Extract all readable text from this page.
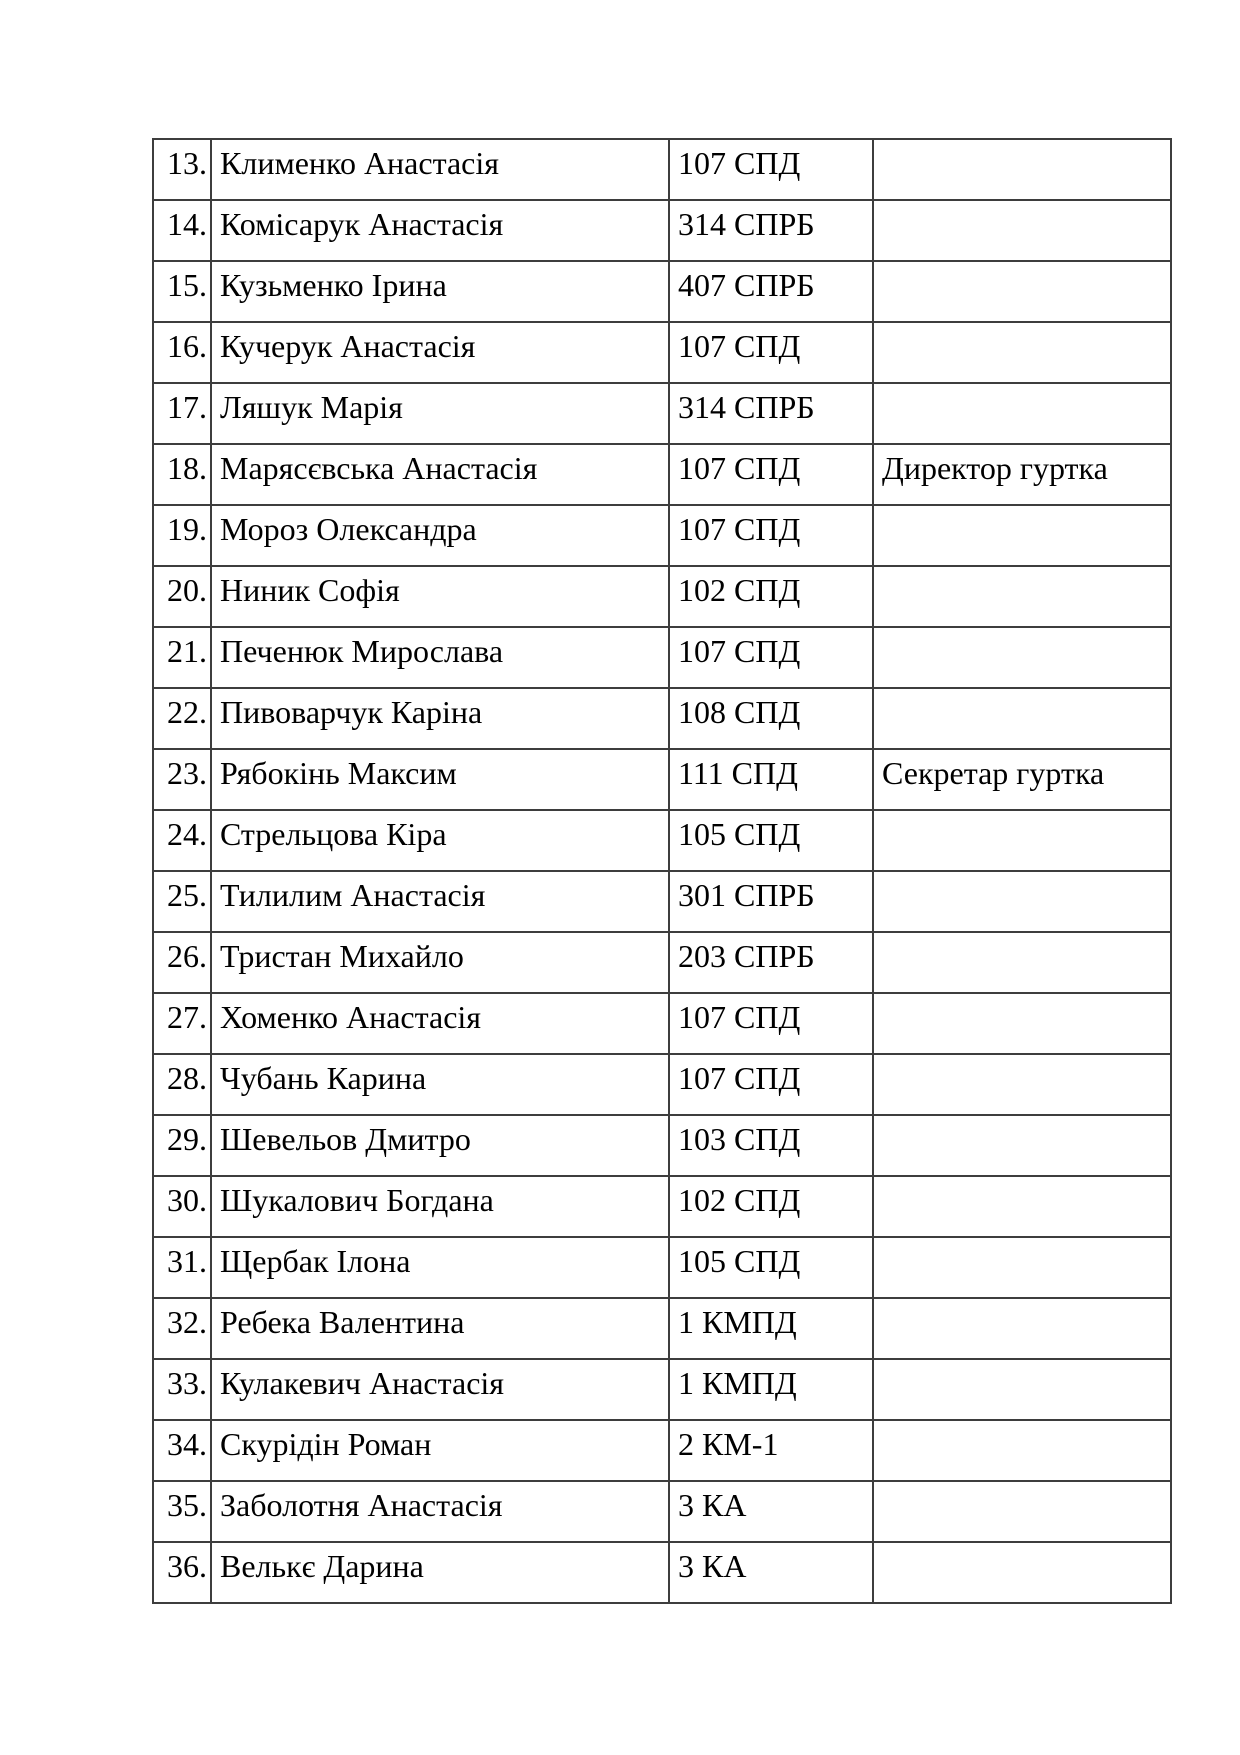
13.	Клименко Анастасія	107 СПД	
14.	Комісарук Анастасія	314 СПРБ	
15.	Кузьменко Ірина	407 СПРБ	
16.	Кучерук Анастасія	107 СПД	
17.	Ляшук Марія	314 СПРБ	
18.	Марясєвська Анастасія	107 СПД	Директор гуртка
19.	Мороз Олександра	107 СПД	
20.	Ниник Софія	102 СПД	
21.	Печенюк Мирослава	107 СПД	
22.	Пивоварчук Каріна	108 СПД	
23.	Рябокінь Максим	111 СПД	Секретар гуртка
24.	Стрельцова Кіра	105 СПД	
25.	Тилилим Анастасія	301 СПРБ	
26.	Тристан Михайло	203 СПРБ	
27.	Хоменко Анастасія	107 СПД	
28.	Чубань Карина	107 СПД	
29.	Шевельов Дмитро	103 СПД	
30.	Шукалович Богдана	102 СПД	
31.	Щербак Ілона	105 СПД	
32.	Ребека Валентина	1 КМПД	
33.	Кулакевич Анастасія	1 КМПД	
34.	Скурідін Роман	2 КМ-1	
35.	Заболотня Анастасія	3 КА	
36.	Велькє Дарина	3 КА	
